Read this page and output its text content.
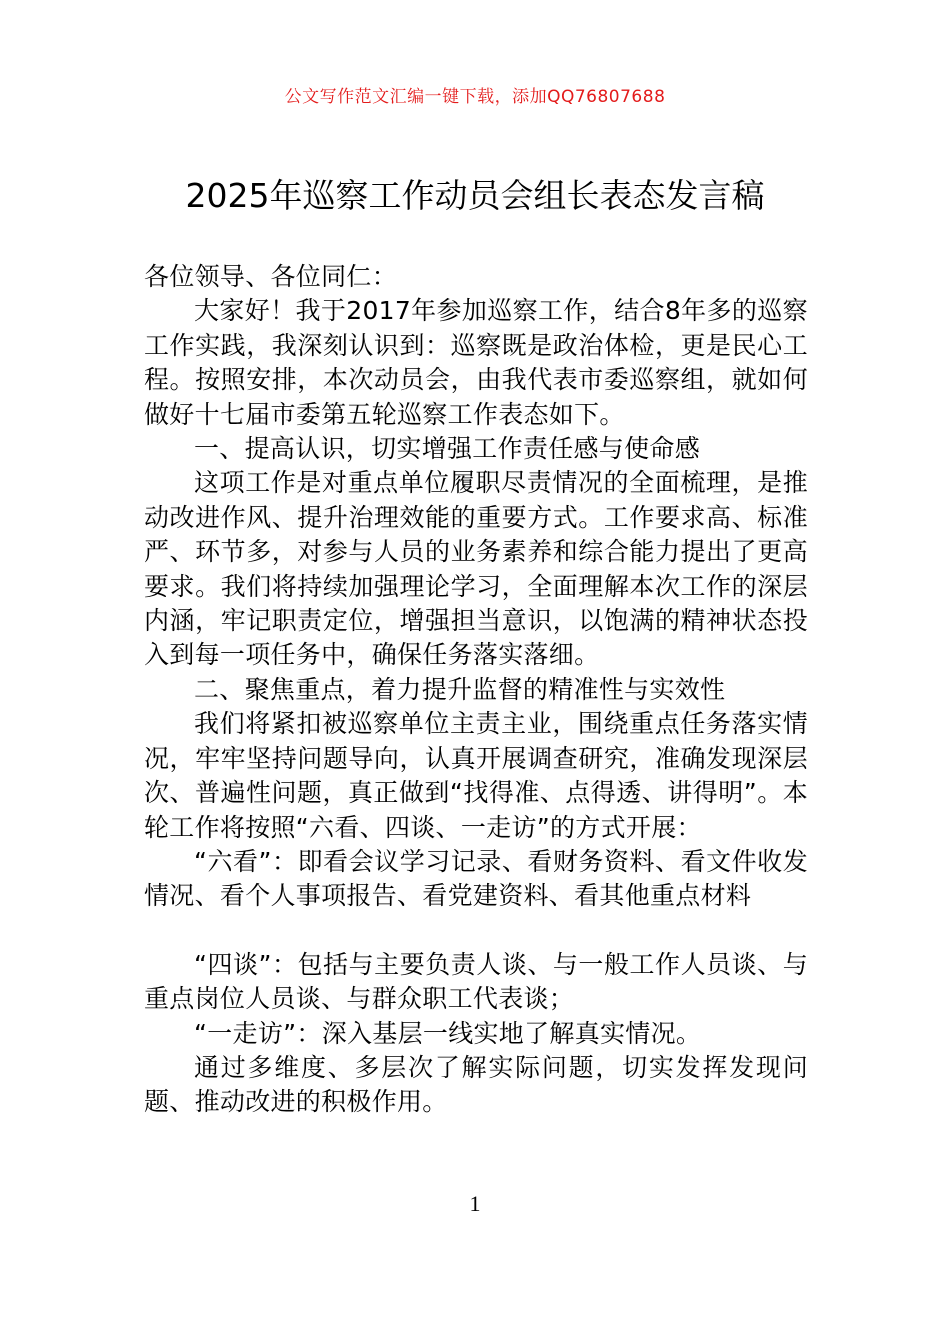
公文写作范文汇编一键下载，添加QQ76807688
2025年巡察工作动员会组长表态发言稿

各位领导、各位同仁：

大家好！我于2017年参加巡察工作，结合8年多的巡察工作实践，我深刻认识到：巡察既是政治体检，更是民心工程。按照安排，本次动员会，由我代表市委巡察组，就如何做好十七届市委第五轮巡察工作表态如下。

一、提高认识，切实增强工作责任感与使命感

这项工作是对重点单位履职尽责情况的全面梳理，是推动改进作风、提升治理效能的重要方式。工作要求高、标准严、环节多，对参与人员的业务素养和综合能力提出了更高要求。我们将持续加强理论学习，全面理解本次工作的深层内涵，牢记职责定位，增强担当意识，以饱满的精神状态投入到每一项任务中，确保任务落实落细。

二、聚焦重点，着力提升监督的精准性与实效性

我们将紧扣被巡察单位主责主业，围绕重点任务落实情况，牢牢坚持问题导向，认真开展调查研究，准确发现深层次、普遍性问题，真正做到“找得准、点得透、讲得明”。本轮工作将按照“六看、四谈、一走访”的方式开展：

“六看”：即看会议学习记录、看财务资料、看文件收发情况、看个人事项报告、看党建资料、看其他重点材料

“四谈”：包括与主要负责人谈、与一般工作人员谈、与重点岗位人员谈、与群众职工代表谈；

“一走访”：深入基层一线实地了解真实情况。

通过多维度、多层次了解实际问题，切实发挥发现问题、推动改进的积极作用。

1
